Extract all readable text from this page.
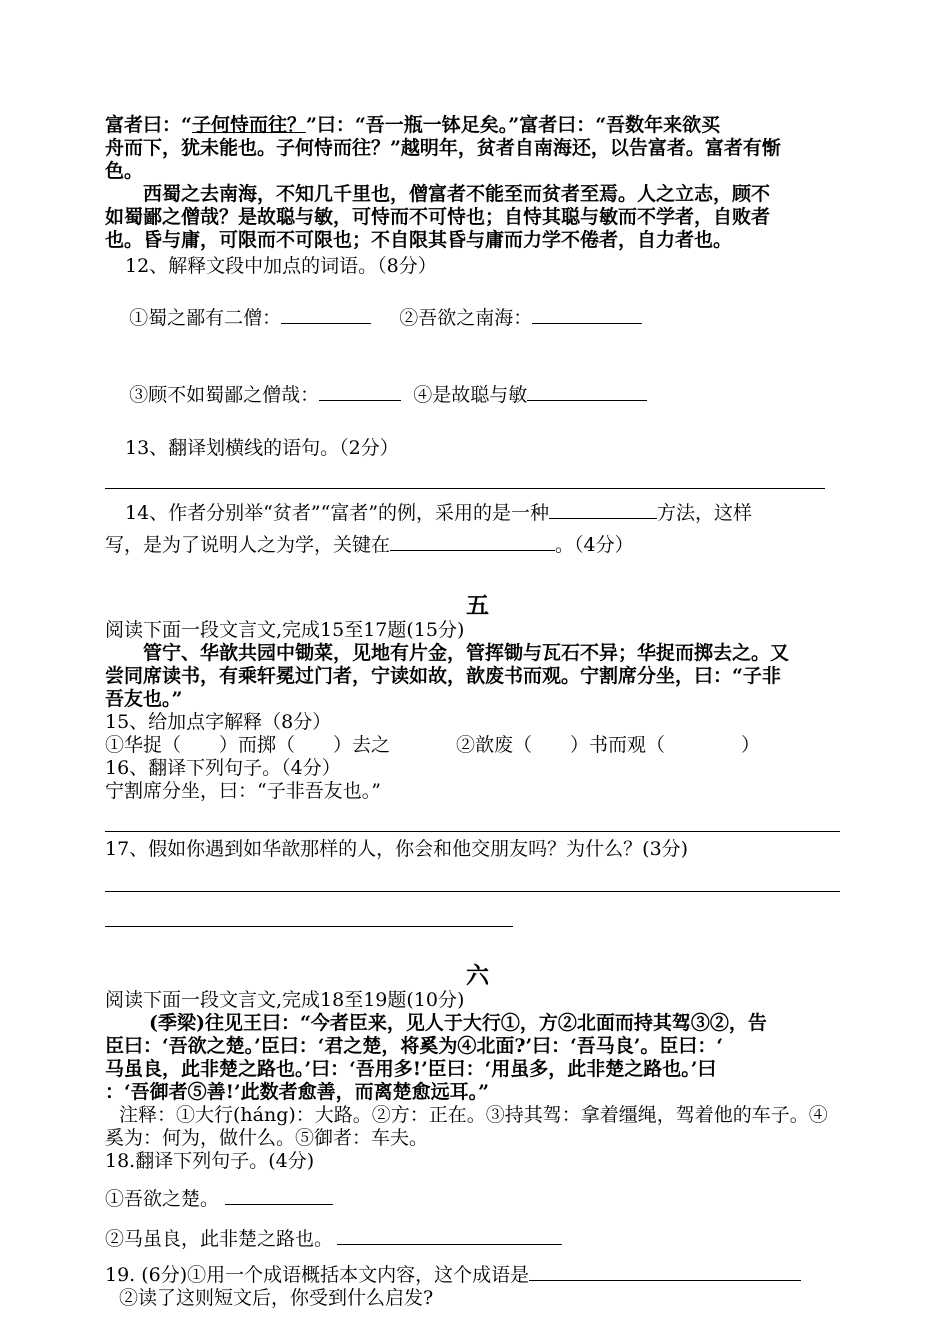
富者曰：“子何恃而往？”曰：“吾一瓶一钵足矣。”富者曰：“吾数年来欲买

舟而下，犹未能也。子何恃而往？”越明年，贫者自南海还，以告富者。富者有惭

色。

西蜀之去南海，不知几千里也，僧富者不能至而贫者至焉。人之立志，顾不

如蜀鄙之僧哉？是故聪与敏，可恃而不可恃也；自恃其聪与敏而不学者，自败者

也。昏与庸，可限而不可限也；不自限其昏与庸而力学不倦者，自力者也。

12、解释文段中加点的词语。（8分）

①蜀之鄙有二僧：	②吾欲之南海：

③顾不如蜀鄙之僧哉：	④是故聪与敏

13、翻译划横线的语句。（2分）

14、作者分别举“贫者”“富者”的例，采用的是一种	方法，这样

写，是为了说明人之为学，关键在	。（4分）

五

阅读下面一段文言文,完成15至17题(15分)

管宁、华歆共园中锄菜，见地有片金，管挥锄与瓦石不异；华捉而掷去之。又

尝同席读书，有乘轩冕过门者，宁读如故，歆废书而观。宁割席分坐，曰：“子非

吾友也。”

15、给加点字解释（8分）

①华捉（　　）而掷（　　）去之	②歆废（　　）书而观（　　　　）

16、翻译下列句子。（4分）

宁割席分坐，曰：“子非吾友也。”

17、假如你遇到如华歆那样的人，你会和他交朋友吗？为什么？(3分)

六

阅读下面一段文言文,完成18至19题(10分)

(季梁)往见王曰：“今者臣来，见人于大行①，方②北面而持其驾③②，告

臣曰：‘吾欲之楚。’臣曰：‘君之楚，将奚为④北面?’曰：‘吾马良’。臣曰：‘

马虽良，此非楚之路也。’曰：‘吾用多!’臣曰：‘用虽多，此非楚之路也。’曰

：‘吾御者⑤善!’此数者愈善，而离楚愈远耳。”

注释：①大行(háng)：大路。②方：正在。③持其驾：拿着缰绳，驾着他的车子。④

奚为：何为，做什么。⑤御者：车夫。

18.翻译下列句子。(4分)

①吾欲之楚。

②马虽良，此非楚之路也。

19. (6分)①用一个成语概括本文内容，这个成语是

②读了这则短文后，你受到什么启发?
